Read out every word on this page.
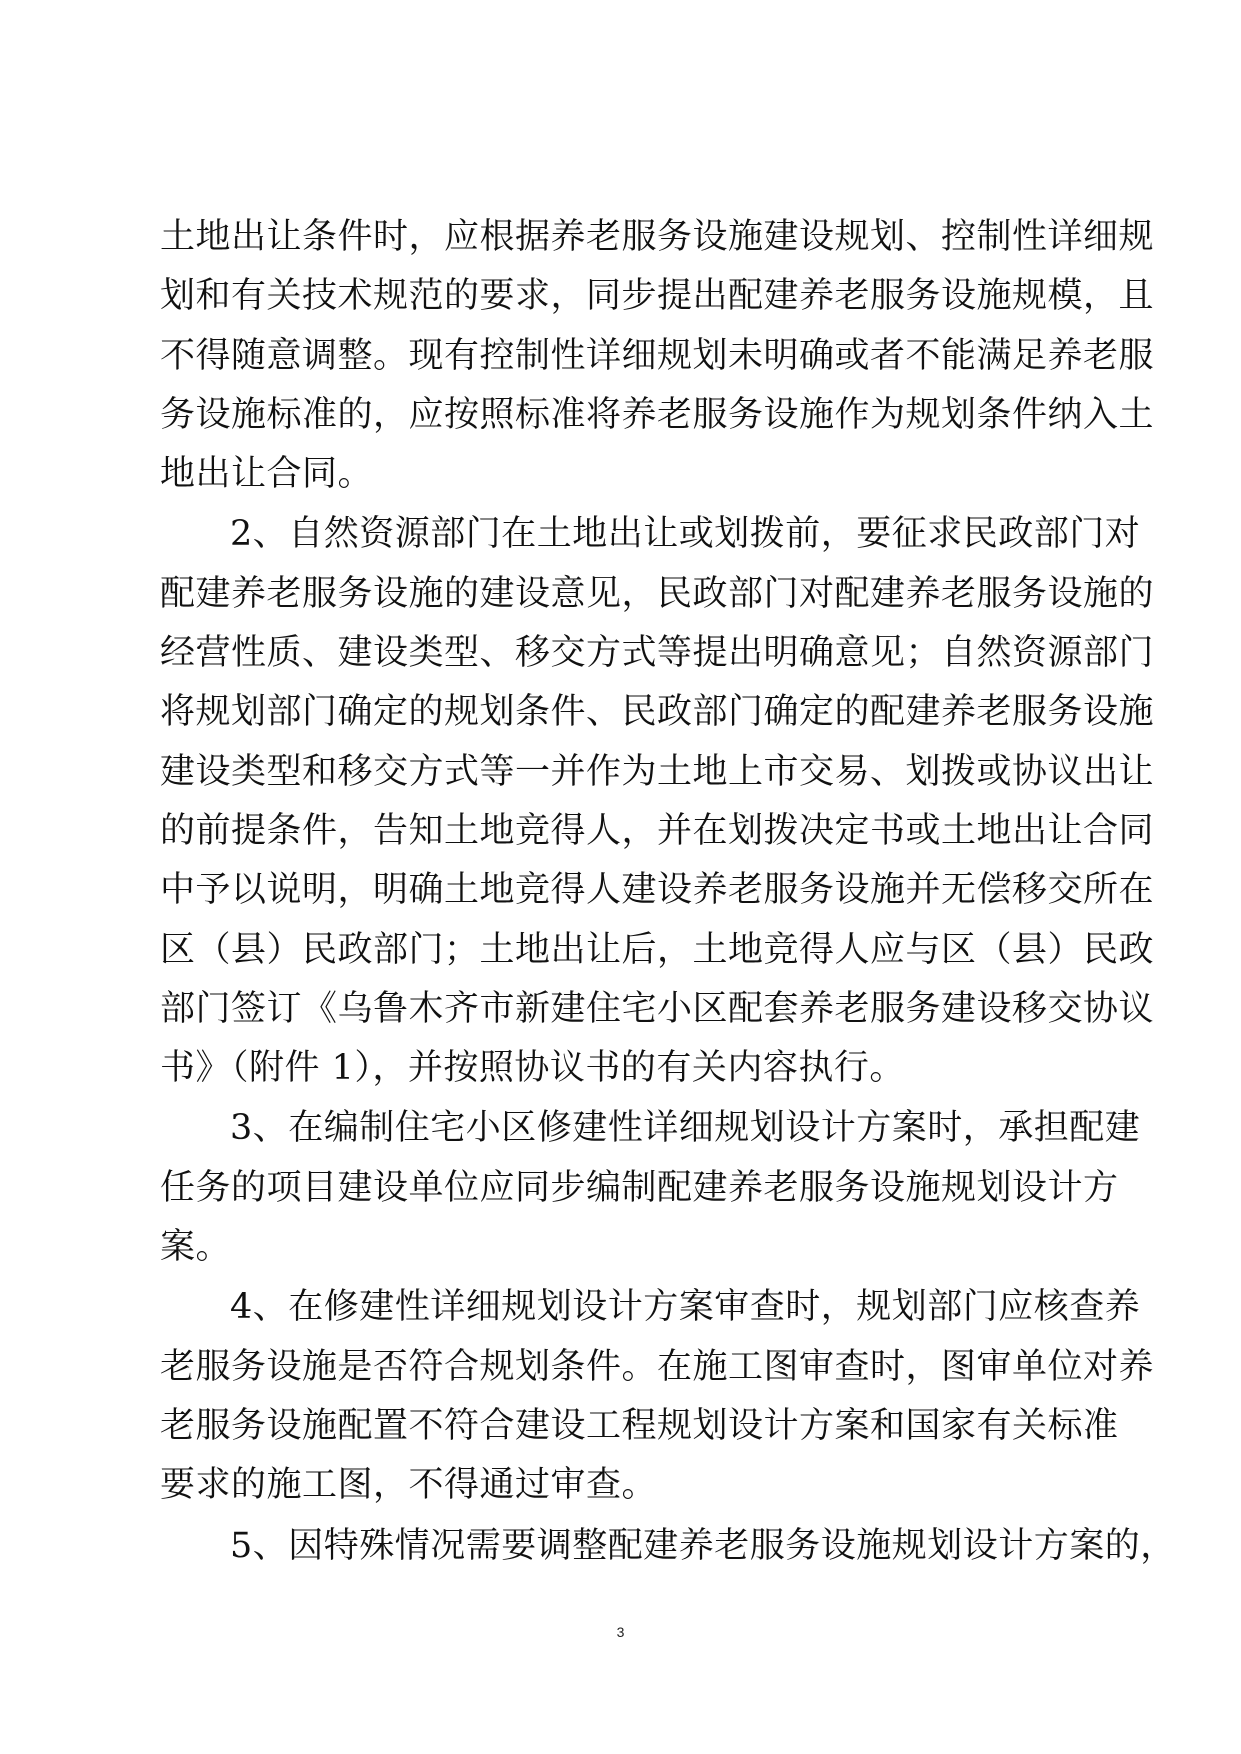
土地出让条件时，应根据养老服务设施建设规划、控制性详细规
划和有关技术规范的要求，同步提出配建养老服务设施规模，且
不得随意调整。现有控制性详细规划未明确或者不能满足养老服
务设施标准的，应按照标准将养老服务设施作为规划条件纳入土
地出让合同。
2、自然资源部门在土地出让或划拨前，要征求民政部门对
配建养老服务设施的建设意见，民政部门对配建养老服务设施的
经营性质、建设类型、移交方式等提出明确意见；自然资源部门
将规划部门确定的规划条件、民政部门确定的配建养老服务设施
建设类型和移交方式等一并作为土地上市交易、划拨或协议出让
的前提条件，告知土地竞得人，并在划拨决定书或土地出让合同
中予以说明，明确土地竞得人建设养老服务设施并无偿移交所在
区（县）民政部门；土地出让后，土地竞得人应与区（县）民政
部门签订《乌鲁木齐市新建住宅小区配套养老服务建设移交协议
书》（附件 1），并按照协议书的有关内容执行。
3、在编制住宅小区修建性详细规划设计方案时，承担配建
任务的项目建设单位应同步编制配建养老服务设施规划设计方
案。
4、在修建性详细规划设计方案审查时，规划部门应核查养
老服务设施是否符合规划条件。在施工图审查时，图审单位对养
老服务设施配置不符合建设工程规划设计方案和国家有关标准
要求的施工图，不得通过审查。
5、因特殊情况需要调整配建养老服务设施规划设计方案的，
3
